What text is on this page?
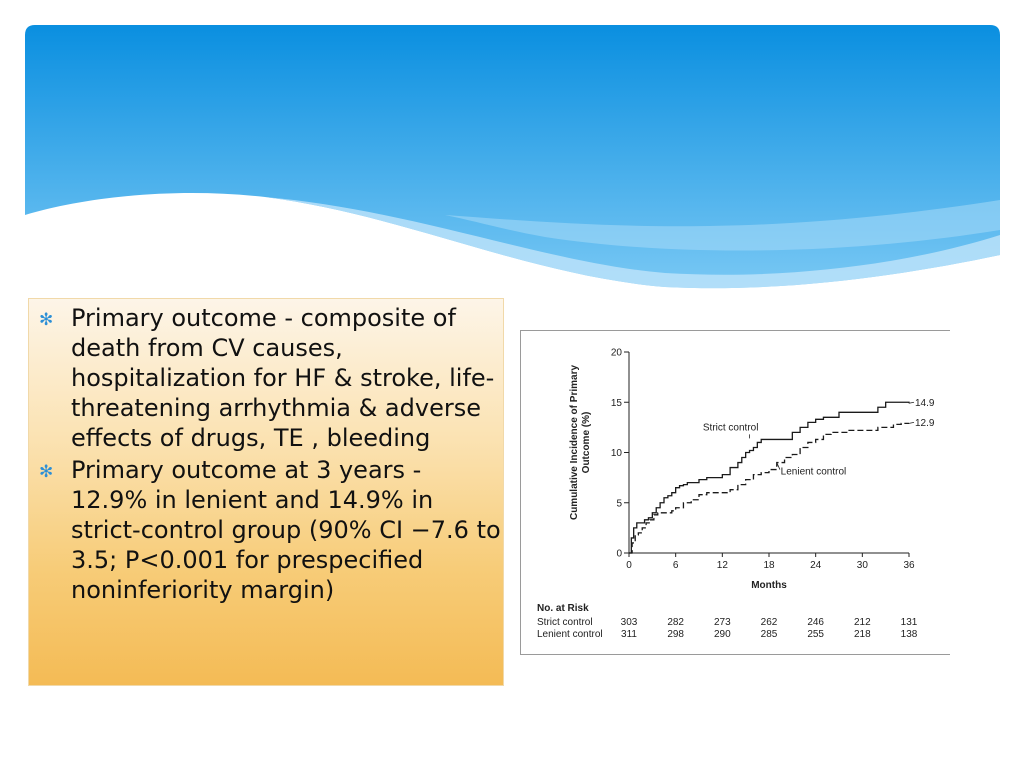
✻ Primary outcome - composite of death from CV causes, hospitalization for HF & stroke, life-threatening arrhythmia & adverse effects of drugs, TE , bleeding
✻ Primary outcome at 3 years - 12.9% in lenient and 14.9% in strict-control group (90% CI −7.6 to 3.5; P<0.001 for prespecified noninferiority margin)
0	6	12	18	24	30	36
0
5
10
15
20
Months
Cumulative Incidence of PrimaryOutcome (%)
14.9
12.9
Strict control
Lenient control
No. at Risk
Strict control	303	282	273	262	246	212	131
Lenient control 311	298	290	285	255	218	138
